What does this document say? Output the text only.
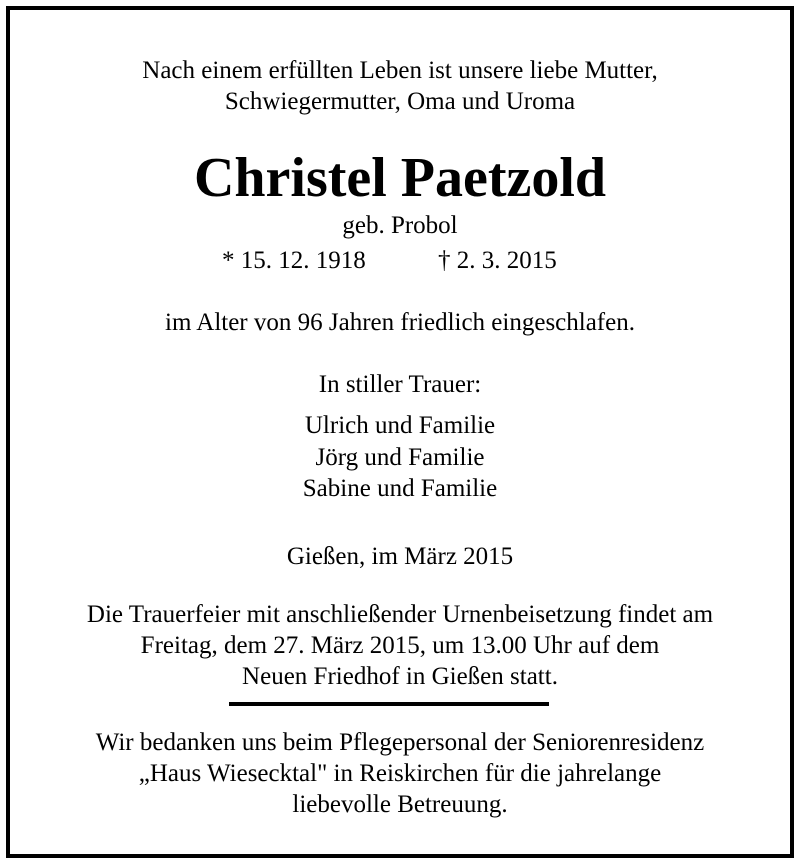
Nach einem erfüllten Leben ist unsere liebe Mutter,
Schwiegermutter, Oma und Uroma
Christel Paetzold
geb. Probol
* 15. 12. 1918	† 2. 3. 2015
im Alter von 96 Jahren friedlich eingeschlafen.
In stiller Trauer:
Ulrich und Familie
Jörg und Familie
Sabine und Familie
Gießen, im März 2015
Die Trauerfeier mit anschließender Urnenbeisetzung findet am
Freitag, dem 27. März 2015, um 13.00 Uhr auf dem
Neuen Friedhof in Gießen statt.
Wir bedanken uns beim Pflegepersonal der Seniorenresidenz
„Haus Wiesecktal" in Reiskirchen für die jahrelange
liebevolle Betreuung.
